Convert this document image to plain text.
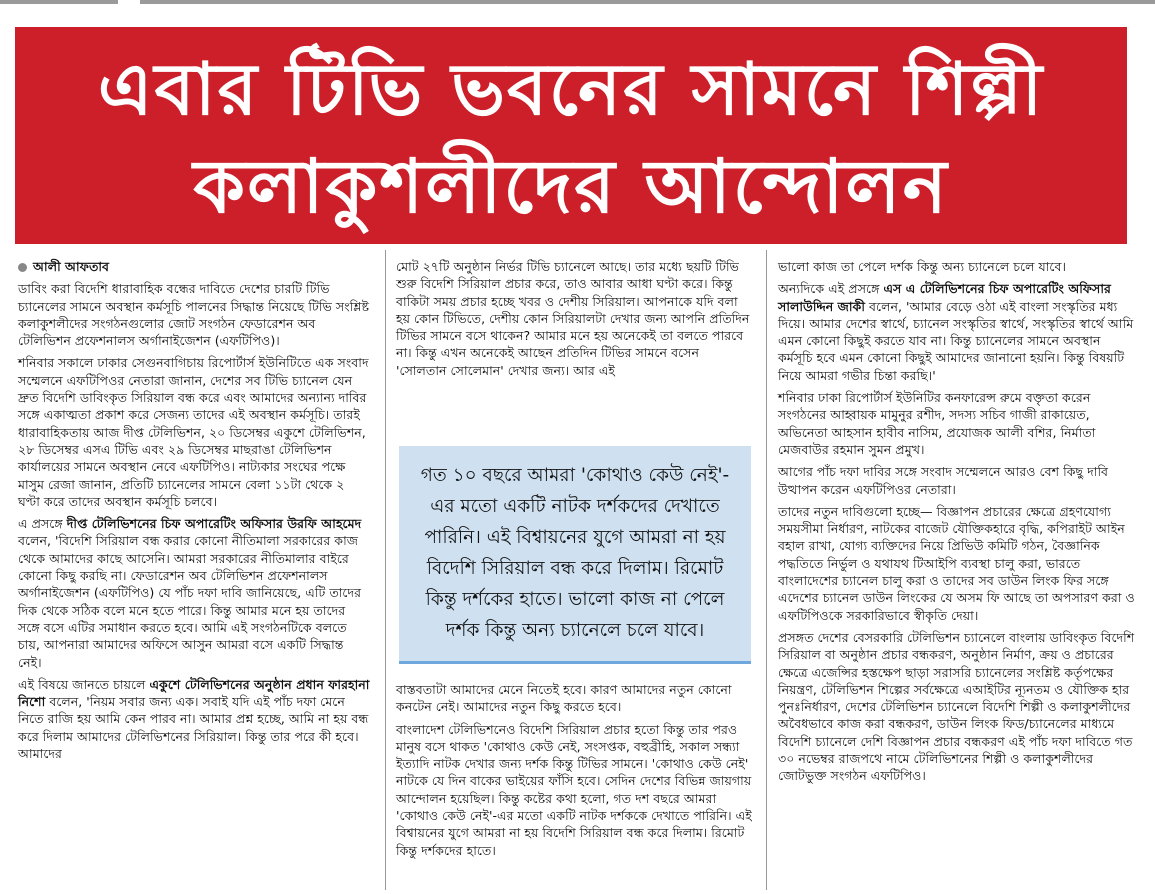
এবার টিভি ভবনের সামনে শিল্পী
কলাকুশলীদের আন্দোলন

আলী আফতাব

ডাবিং করা বিদেশি ধারাবাহিক বন্ধের দাবিতে দেশের চারটি টিভি চ্যানেলের সামনে অবস্থান কর্মসূচি পালনের সিদ্ধান্ত নিয়েছে টিভি সংশ্লিষ্ট কলাকুশলীদের সংগঠনগুলোর জোট সংগঠন ফেডারেশন অব টেলিভিশন প্রফেশনালস অর্গানাইজেশন (এফটিপিও)।

শনিবার সকালে ঢাকার সেগুনবাগিচায় রিপোর্টার্স ইউনিটিতে এক সংবাদ সম্মেলনে এফটিপিওর নেতারা জানান, দেশের সব টিভি চ্যানেল যেন দ্রুত বিদেশি ডাবিংকৃত সিরিয়াল বন্ধ করে এবং আমাদের অন্যান্য দাবির সঙ্গে একাত্মতা প্রকাশ করে সেজন্য তাদের এই অবস্থান কর্মসূচি। তারই ধারাবাহিকতায় আজ দীপ্ত টেলিভিশন, ২০ ডিসেম্বর একুশে টেলিভিশন, ২৮ ডিসেম্বর এসএ টিভি এবং ২৯ ডিসেম্বর মাছরাঙা টেলিভিশন কার্যালয়ের সামনে অবস্থান নেবে এফটিপিও। নাট্যকার সংঘের পক্ষে মাসুম রেজা জানান, প্রতিটি চ্যানেলের সামনে বেলা ১১টা থেকে ২ ঘণ্টা করে তাদের অবস্থান কর্মসূচি চলবে।

এ প্রসঙ্গে দীপ্ত টেলিভিশনের চিফ অপারেটিং অফিসার উরফি আহমেদ বলেন, 'বিদেশি সিরিয়াল বন্ধ করার কোনো নীতিমালা সরকারের কাজ থেকে আমাদের কাছে আসেনি। আমরা সরকারের নীতিমালার বাইরে কোনো কিছু করছি না। ফেডারেশন অব টেলিভিশন প্রফেশনালস অর্গানাইজেশন (এফটিপিও) যে পাঁচ দফা দাবি জানিয়েছে, এটি তাদের দিক থেকে সঠিক বলে মনে হতে পারে। কিন্তু আমার মনে হয় তাদের সঙ্গে বসে এটির সমাধান করতে হবে। আমি এই সংগঠনটিকে বলতে চায়, আপনারা আমাদের অফিসে আসুন আমরা বসে একটি সিদ্ধান্ত নেই।

এই বিষয়ে জানতে চায়লে একুশে টেলিভিশনের অনুষ্ঠান প্রধান ফারহানা নিশো বলেন, 'নিয়ম সবার জন্য এক। সবাই যদি এই পাঁচ দফা মেনে নিতে রাজি হয় আমি কেন পারব না। আমার প্রশ্ন হচ্ছে, আমি না হয় বন্ধ করে দিলাম আমাদের টেলিভিশনের সিরিয়াল। কিন্তু তার পরে কী হবে। আমাদের

মোট ২৭টি অনুষ্ঠান নির্ভর টিভি চ্যানেলে আছে। তার মধ্যে ছয়টি টিভি শুরু বিদেশি সিরিয়াল প্রচার করে, তাও আবার আধা ঘণ্টা করে। কিন্তু বাকিটা সময় প্রচার হচ্ছে খবর ও দেশীয় সিরিয়াল। আপনাকে যদি বলা হয় কোন টিভিতে, দেশীয় কোন সিরিয়ালটা দেখার জন্য আপনি প্রতিদিন টিভির সামনে বসে থাকেন? আমার মনে হয় অনেকেই তা বলতে পারবে না। কিন্তু এখন অনেকেই আছেন প্রতিদিন টিভির সামনে বসেন 'সোলতান সোলেমান' দেখার জন্য। আর এই

গত ১০ বছরে আমরা 'কোথাও কেউ নেই'-এর মতো একটি নাটক দর্শকদের দেখাতে পারিনি। এই বিশ্বায়নের যুগে আমরা না হয় বিদেশি সিরিয়াল বন্ধ করে দিলাম। রিমোট কিন্তু দর্শকের হাতে। ভালো কাজ না পেলে দর্শক কিন্তু অন্য চ্যানেলে চলে যাবে।

বাস্তবতাটা আমাদের মেনে নিতেই হবে। কারণ আমাদের নতুন কোনো কনটেন নেই। আমাদের নতুন কিছু করতে হবে।

বাংলাদেশ টেলিভিশনেও বিদেশি সিরিয়াল প্রচার হতো কিন্তু তার পরও মানুষ বসে থাকত 'কোথাও কেউ নেই, সংসপ্তক, বহুব্রীহি, সকাল সন্ধ্যা ইত্যাদি নাটক দেখার জন্য দর্শক কিন্তু টিভির সামনে। 'কোথাও কেউ নেই' নাটকে যে দিন বাকের ভাইয়ের ফাঁসি হবে। সেদিন দেশের বিভিন্ন জায়গায় আন্দোলন হয়েছিল। কিন্তু কষ্টের কথা হলো, গত দশ বছরে আমরা 'কোথাও কেউ নেই'-এর মতো একটি নাটক দর্শককে দেখাতে পারিনি। এই বিশ্বায়নের যুগে আমরা না হয় বিদেশি সিরিয়াল বন্ধ করে দিলাম। রিমোট কিন্তু দর্শকদের হাতে।

ভালো কাজ তা পেলে দর্শক কিন্তু অন্য চ্যানেলে চলে যাবে।

অন্যদিকে এই প্রসঙ্গে এস এ টেলিভিশনের চিফ অপারেটিং অফিসার সালাউদ্দিন জাকী বলেন, 'আমার বেড়ে ওঠা এই বাংলা সংস্কৃতির মধ্য দিয়ে। আমার দেশের স্বার্থে, চ্যানেল সংস্কৃতির স্বার্থে, সংস্কৃতির স্বার্থে আমি এমন কোনো কিছুই করতে যাব না। কিন্তু চ্যানেলের সামনে অবস্থান কর্মসূচি হবে এমন কোনো কিছুই আমাদের জানানো হয়নি। কিন্তু বিষয়টি নিয়ে আমরা গভীর চিন্তা করছি।'

শনিবার ঢাকা রিপোর্টার্স ইউনিটির কনফারেন্স রুমে বক্তৃতা করেন সংগঠনের আহ্বায়ক মামুনুর রশীদ, সদস্য সচিব গাজী রাকায়েত, অভিনেতা আহসান হাবীব নাসিম, প্রযোজক আলী বশির, নির্মাতা মেজবাউর রহমান সুমন প্রমুখ।

আগের পাঁচ দফা দাবির সঙ্গে সংবাদ সম্মেলনে আরও বেশ কিছু দাবি উত্থাপন করেন এফটিপিওর নেতারা।

তাদের নতুন দাবিগুলো হচ্ছে— বিজ্ঞাপন প্রচারের ক্ষেত্রে গ্রহণযোগ্য সময়সীমা নির্ধারণ, নাটকের বাজেট যৌক্তিকহারে বৃদ্ধি, কপিরাইট আইন বহাল রাখা, যোগ্য ব্যক্তিদের নিয়ে প্রিভিউ কমিটি গঠন, বৈজ্ঞানিক পদ্ধতিতে নির্ভুল ও যথাযথ টিআইপি ব্যবস্থা চালু করা, ভারতে বাংলাদেশের চ্যানেল চালু করা ও তাদের সব ডাউন লিংক ফির সঙ্গে এদেশের চ্যানেল ডাউন লিংকের যে অসম ফি আছে তা অপসারণ করা ও এফটিপিওকে সরকারিভাবে স্বীকৃতি দেয়া।

প্রসঙ্গত দেশের বেসরকারি টেলিভিশন চ্যানেলে বাংলায় ডাবিংকৃত বিদেশি সিরিয়াল বা অনুষ্ঠান প্রচার বন্ধকরণ, অনুষ্ঠান নির্মাণ, ক্রয় ও প্রচারের ক্ষেত্রে এজেন্সির হস্তক্ষেপ ছাড়া সরাসরি চ্যানেলের সংশ্লিষ্ট কর্তৃপক্ষের নিয়ন্ত্রণ, টেলিভিশন শিল্পের সর্বক্ষেত্রে এআইটির ন্যূনতম ও যৌক্তিক হার পুনঃনির্ধারণ, দেশের টেলিভিশন চ্যানেলে বিদেশি শিল্পী ও কলাকুশলীদের অবৈধভাবে কাজ করা বন্ধকরণ, ডাউন লিংক ফিড/চ্যানেলের মাধ্যমে বিদেশি চ্যানেলে দেশি বিজ্ঞাপন প্রচার বন্ধকরণ এই পাঁচ দফা দাবিতে গত ৩০ নভেম্বর রাজপথে নামে টেলিভিশনের শিল্পী ও কলাকুশলীদের জোটভুক্ত সংগঠন এফটিপিও।
